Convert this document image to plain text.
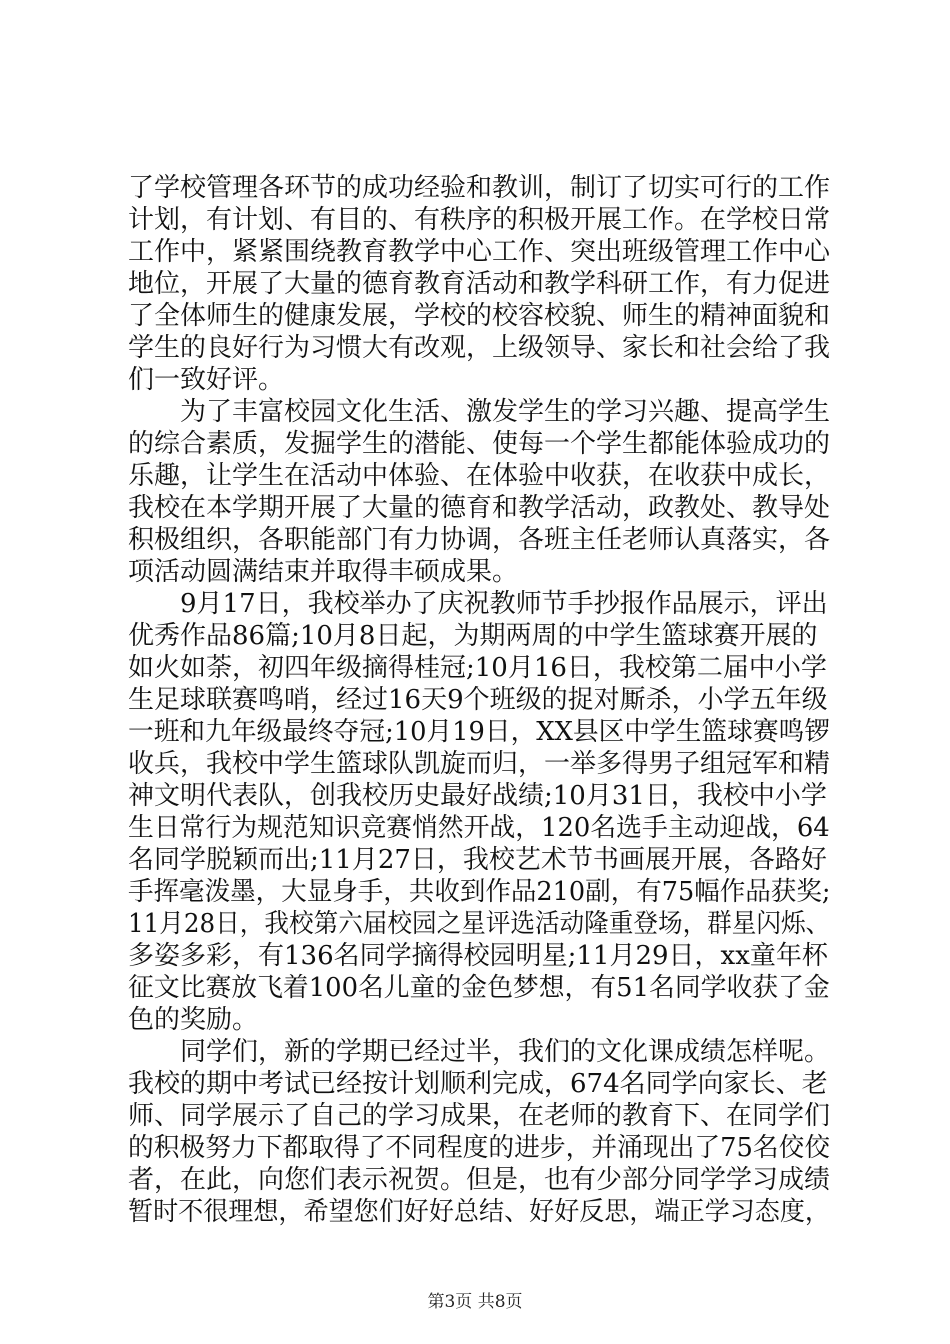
了学校管理各环节的成功经验和教训，制订了切实可行的工作
计划，有计划、有目的、有秩序的积极开展工作。在学校日常
工作中，紧紧围绕教育教学中心工作、突出班级管理工作中心
地位，开展了大量的德育教育活动和教学科研工作，有力促进
了全体师生的健康发展，学校的校容校貌、师生的精神面貌和
学生的良好行为习惯大有改观，上级领导、家长和社会给了我
们一致好评。
为了丰富校园文化生活、激发学生的学习兴趣、提高学生
的综合素质，发掘学生的潜能、使每一个学生都能体验成功的
乐趣，让学生在活动中体验、在体验中收获，在收获中成长，
我校在本学期开展了大量的德育和教学活动，政教处、教导处
积极组织，各职能部门有力协调，各班主任老师认真落实，各
项活动圆满结束并取得丰硕成果。
9月17日，我校举办了庆祝教师节手抄报作品展示，评出
优秀作品86篇;10月8日起，为期两周的中学生篮球赛开展的
如火如荼，初四年级摘得桂冠;10月16日，我校第二届中小学
生足球联赛鸣哨，经过16天9个班级的捉对厮杀，小学五年级
一班和九年级最终夺冠;10月19日，XX县区中学生篮球赛鸣锣
收兵，我校中学生篮球队凯旋而归，一举多得男子组冠军和精
神文明代表队，创我校历史最好战绩;10月31日，我校中小学
生日常行为规范知识竞赛悄然开战，120名选手主动迎战，64
名同学脱颖而出;11月27日，我校艺术节书画展开展，各路好
手挥毫泼墨，大显身手，共收到作品210副，有75幅作品获奖;
11月28日，我校第六届校园之星评选活动隆重登场，群星闪烁、
多姿多彩，有136名同学摘得校园明星;11月29日，xx童年杯
征文比赛放飞着100名儿童的金色梦想，有51名同学收获了金
色的奖励。
同学们，新的学期已经过半，我们的文化课成绩怎样呢。
我校的期中考试已经按计划顺利完成，674名同学向家长、老
师、同学展示了自己的学习成果，在老师的教育下、在同学们
的积极努力下都取得了不同程度的进步，并涌现出了75名佼佼
者，在此，向您们表示祝贺。但是，也有少部分同学学习成绩
暂时不很理想，希望您们好好总结、好好反思，端正学习态度，
第3页 共8页
